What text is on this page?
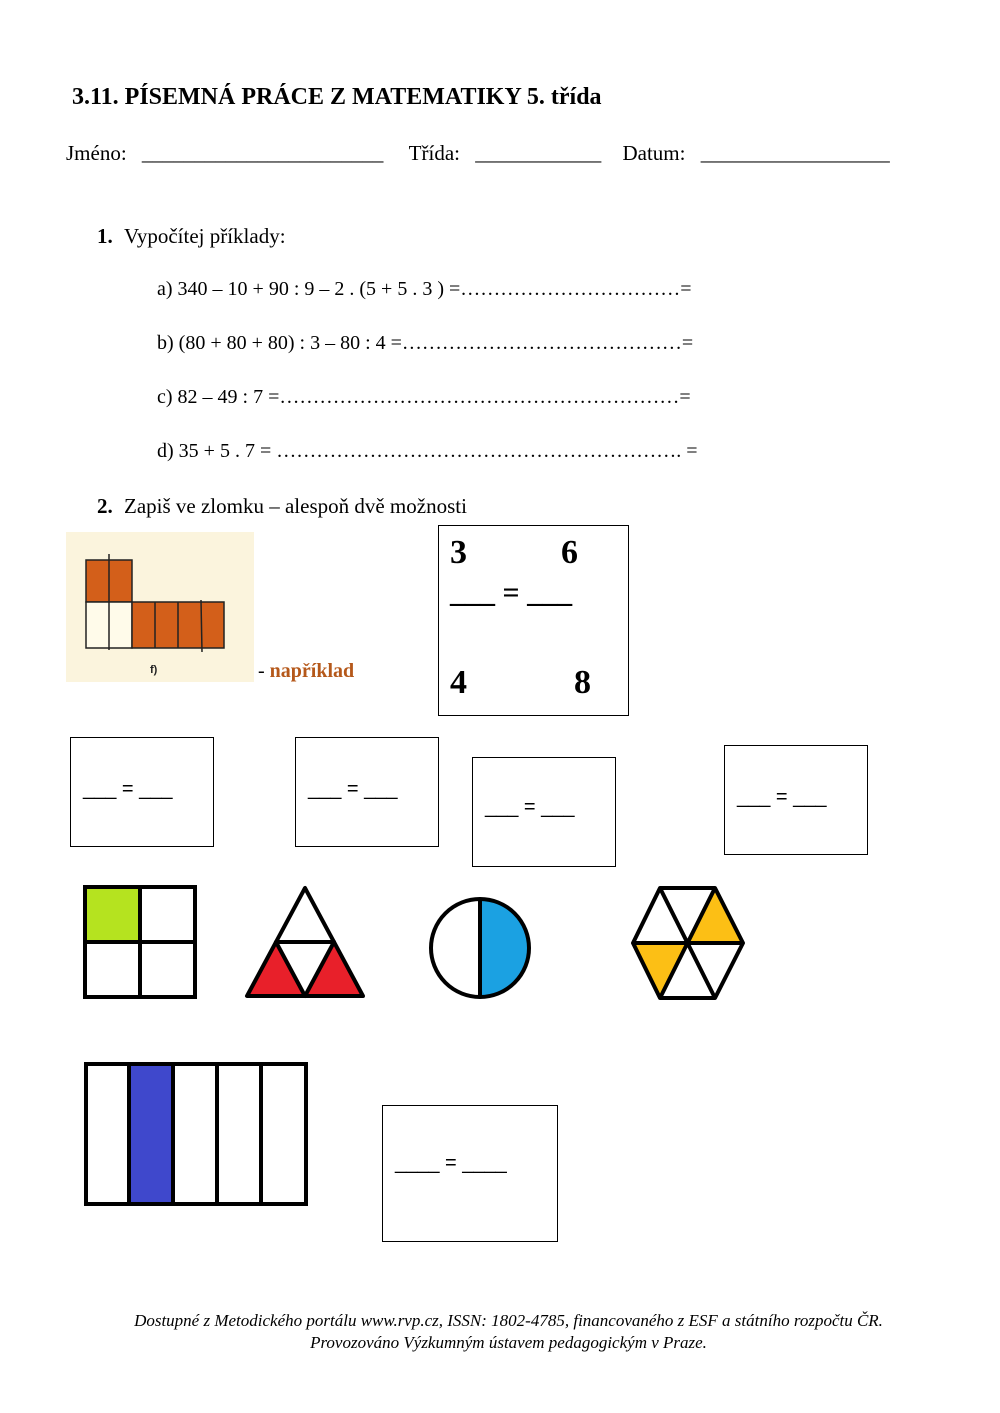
3.11. PÍSEMNÁ PRÁCE Z MATEMATIKY 5. třída
Jméno: _______________________ Třída: ____________ Datum: __________________
1. Vypočítej příklady:
a) 340 – 10 + 90 : 9 – 2 . (5 + 5 . 3 ) =……………………………=
b) (80 + 80 + 80) : 3 – 80 : 4 =……………………………………=
c) 82 – 49 : 7 =……………………………………………………=
d) 35 + 5 . 7 = ……………………………………………………. =
2. Zapiš ve zlomku – alespoň dvě možnosti
f)	- například
3	6
___ = ___
4	8
___ = ___	___ = ___
___ = ___	___ = ___
____ = ____
Dostupné z Metodického portálu www.rvp.cz, ISSN: 1802-4785, financovaného z ESF a státního rozpočtu ČR.
Provozováno Výzkumným ústavem pedagogickým v Praze.
